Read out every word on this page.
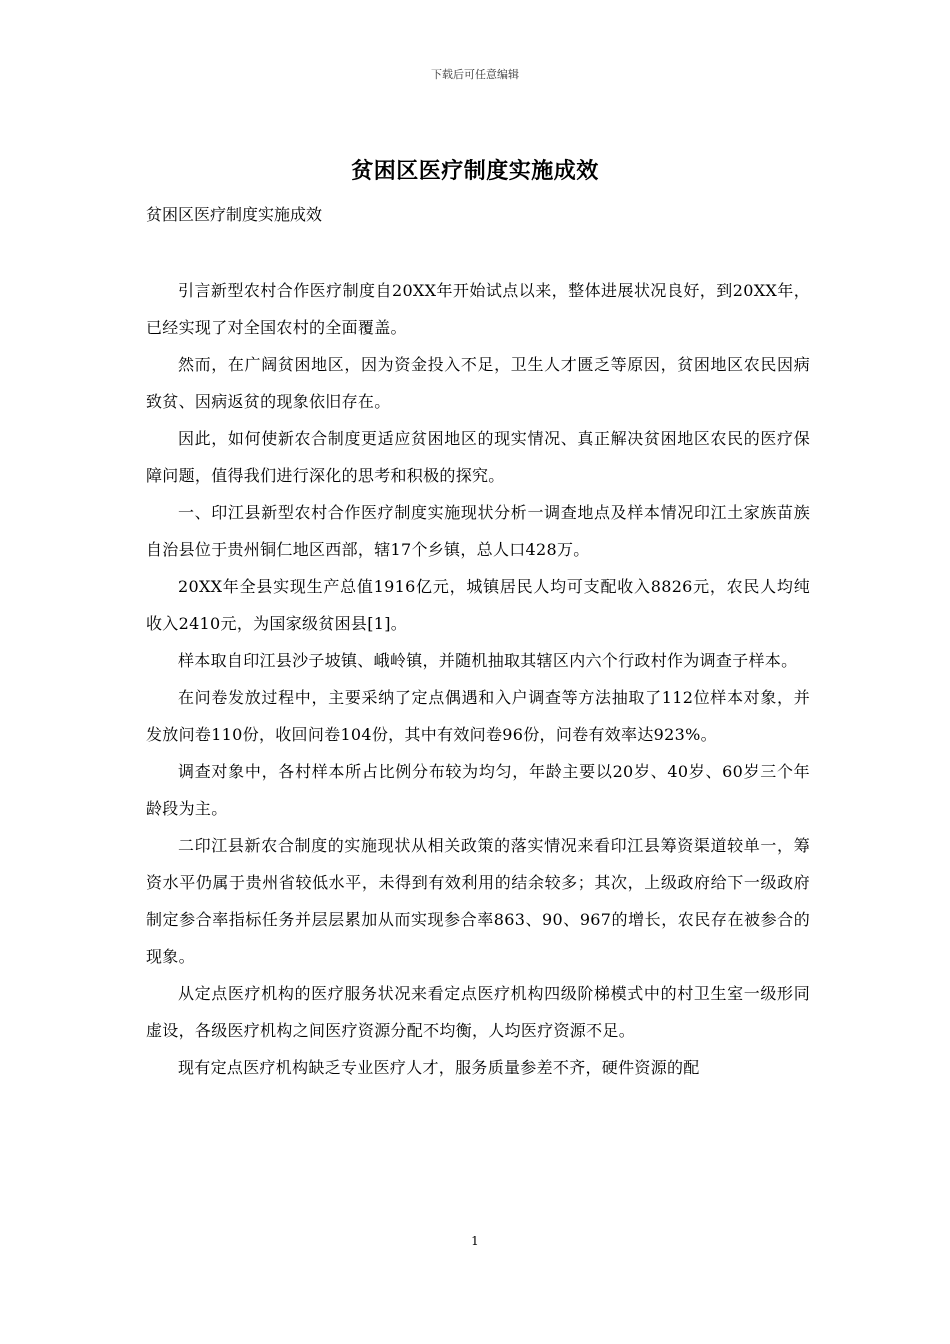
下载后可任意编辑
贫困区医疗制度实施成效
贫困区医疗制度实施成效

引言新型农村合作医疗制度自20XX年开始试点以来，整体进展状况良好，到20XX年，已经实现了对全国农村的全面覆盖。

然而，在广阔贫困地区，因为资金投入不足，卫生人才匮乏等原因，贫困地区农民因病致贫、因病返贫的现象依旧存在。

因此，如何使新农合制度更适应贫困地区的现实情况、真正解决贫困地区农民的医疗保障问题，值得我们进行深化的思考和积极的探究。

一、印江县新型农村合作医疗制度实施现状分析一调查地点及样本情况印江土家族苗族自治县位于贵州铜仁地区西部，辖17个乡镇，总人口428万。

20XX年全县实现生产总值1916亿元，城镇居民人均可支配收入8826元，农民人均纯收入2410元，为国家级贫困县[1]。

样本取自印江县沙子坡镇、峨岭镇，并随机抽取其辖区内六个行政村作为调查子样本。

在问卷发放过程中，主要采纳了定点偶遇和入户调查等方法抽取了112位样本对象，并发放问卷110份，收回问卷104份，其中有效问卷96份，问卷有效率达923%。

调查对象中，各村样本所占比例分布较为均匀，年龄主要以20岁、40岁、60岁三个年龄段为主。

二印江县新农合制度的实施现状从相关政策的落实情况来看印江县筹资渠道较单一，筹资水平仍属于贵州省较低水平，未得到有效利用的结余较多；其次，上级政府给下一级政府制定参合率指标任务并层层累加从而实现参合率863、90、967的增长，农民存在被参合的现象。

从定点医疗机构的医疗服务状况来看定点医疗机构四级阶梯模式中的村卫生室一级形同虚设，各级医疗机构之间医疗资源分配不均衡，人均医疗资源不足。

现有定点医疗机构缺乏专业医疗人才，服务质量参差不齐，硬件资源的配

1
